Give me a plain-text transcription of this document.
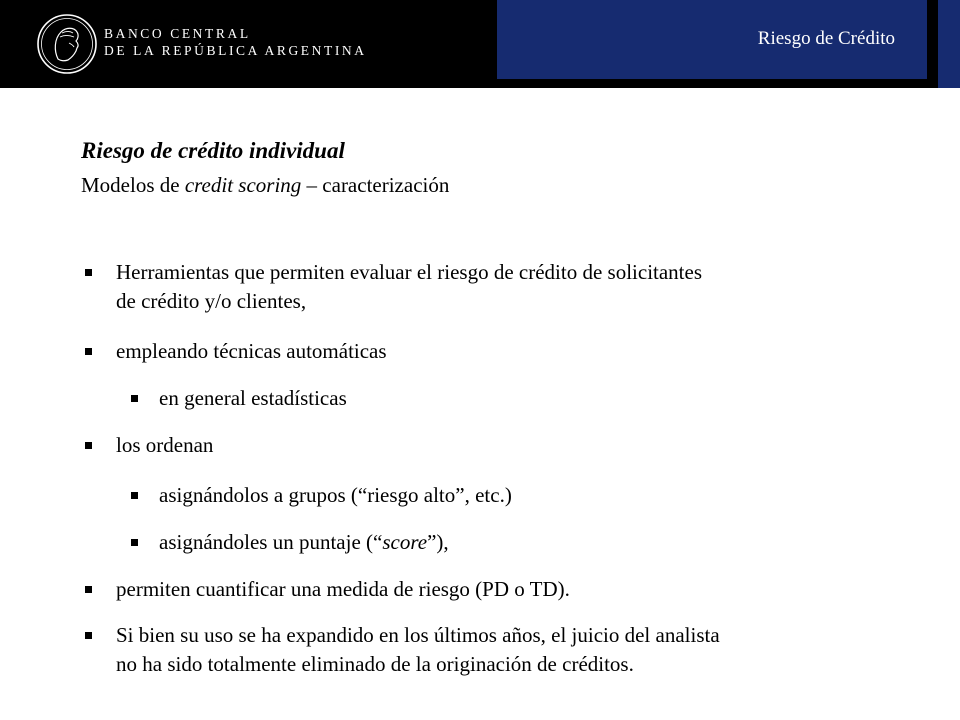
BANCO CENTRAL
DE LA REPÚBLICA ARGENTINA
Riesgo de Crédito
Riesgo de crédito individual
Modelos de credit scoring – caracterización
Herramientas que permiten evaluar el riesgo de crédito de solicitantes
de crédito y/o clientes,
empleando técnicas automáticas
en general estadísticas
los ordenan
asignándolos a grupos (“riesgo alto”, etc.)
asignándoles un puntaje (“score”),
permiten cuantificar una medida de riesgo (PD o TD).
Si bien su uso se ha expandido en los últimos años, el juicio del analista
no ha sido totalmente eliminado de la originación de créditos.
